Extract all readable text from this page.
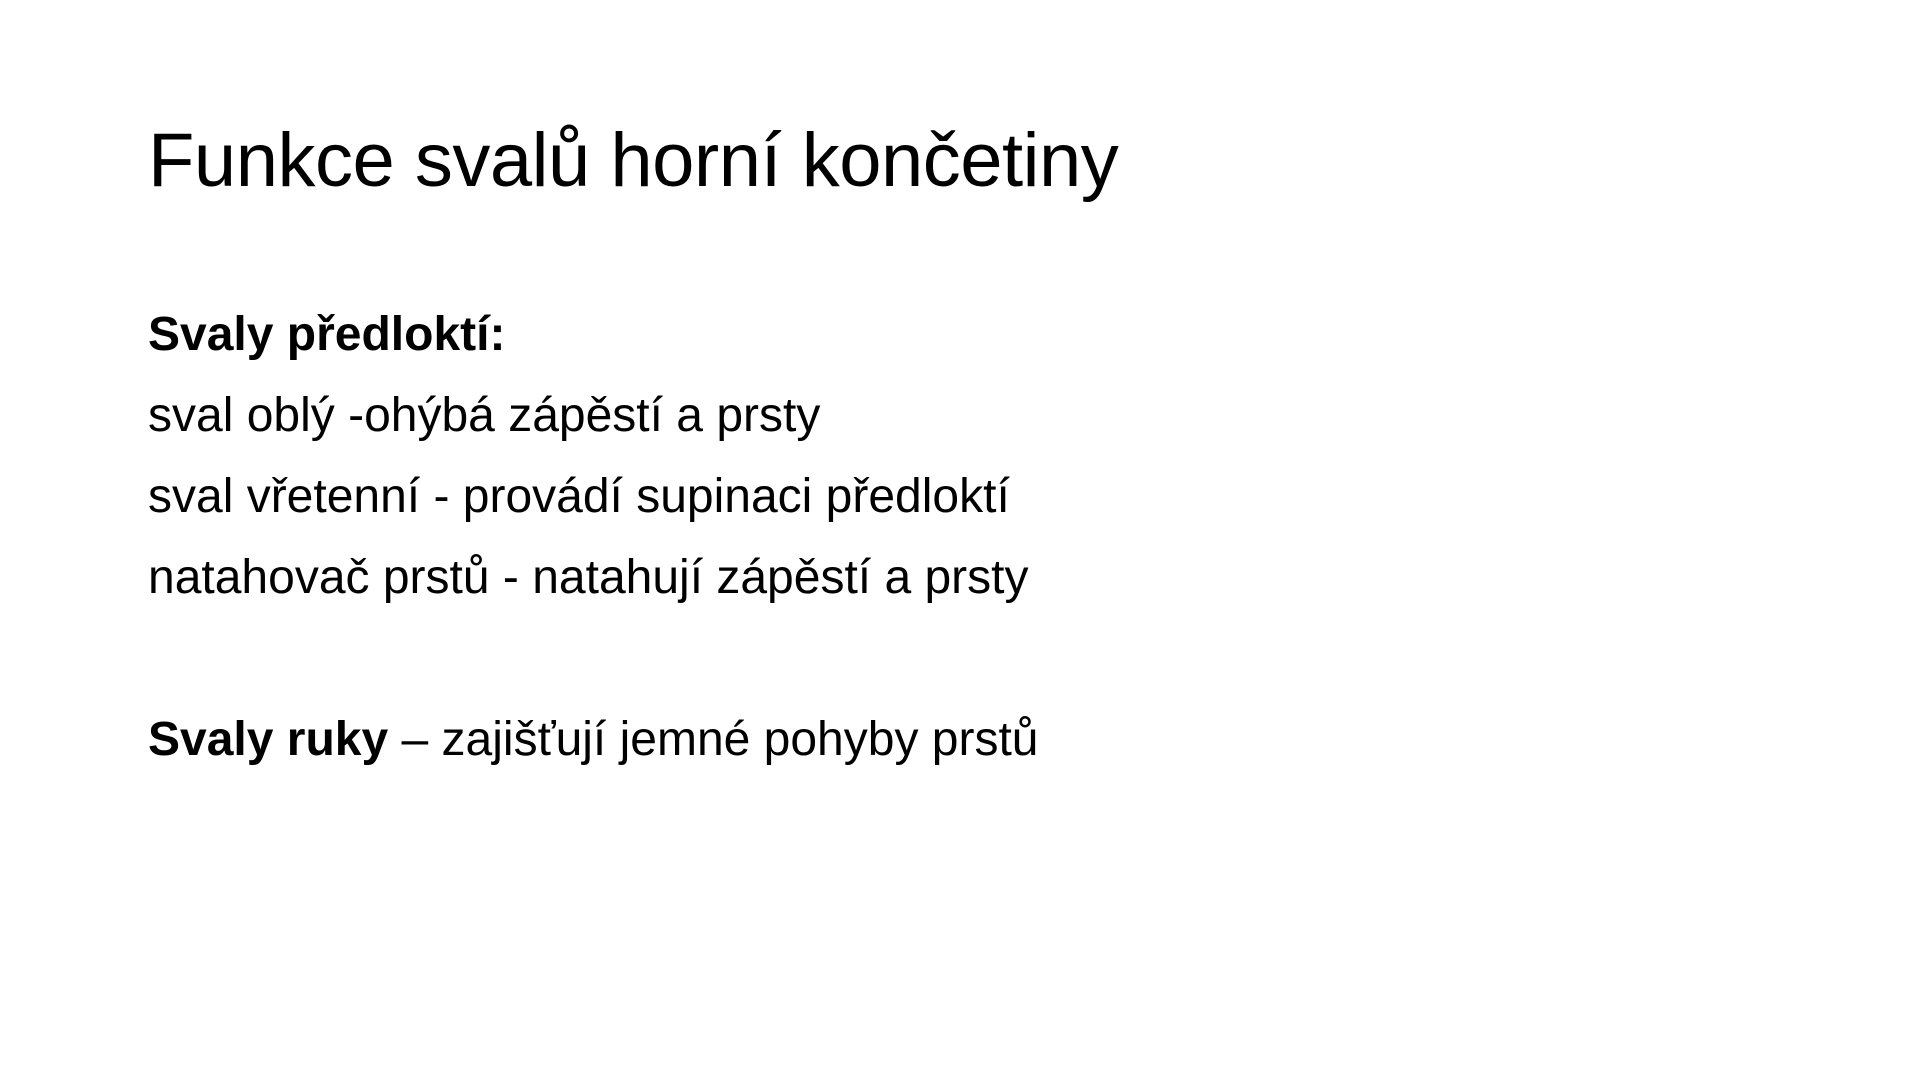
Funkce svalů horní končetiny
Svaly předloktí:
sval oblý -ohýbá zápěstí a prsty
sval vřetenní - provádí supinaci předloktí
natahovač prstů - natahují zápěstí a prsty
Svaly ruky – zajišťují jemné pohyby prstů
